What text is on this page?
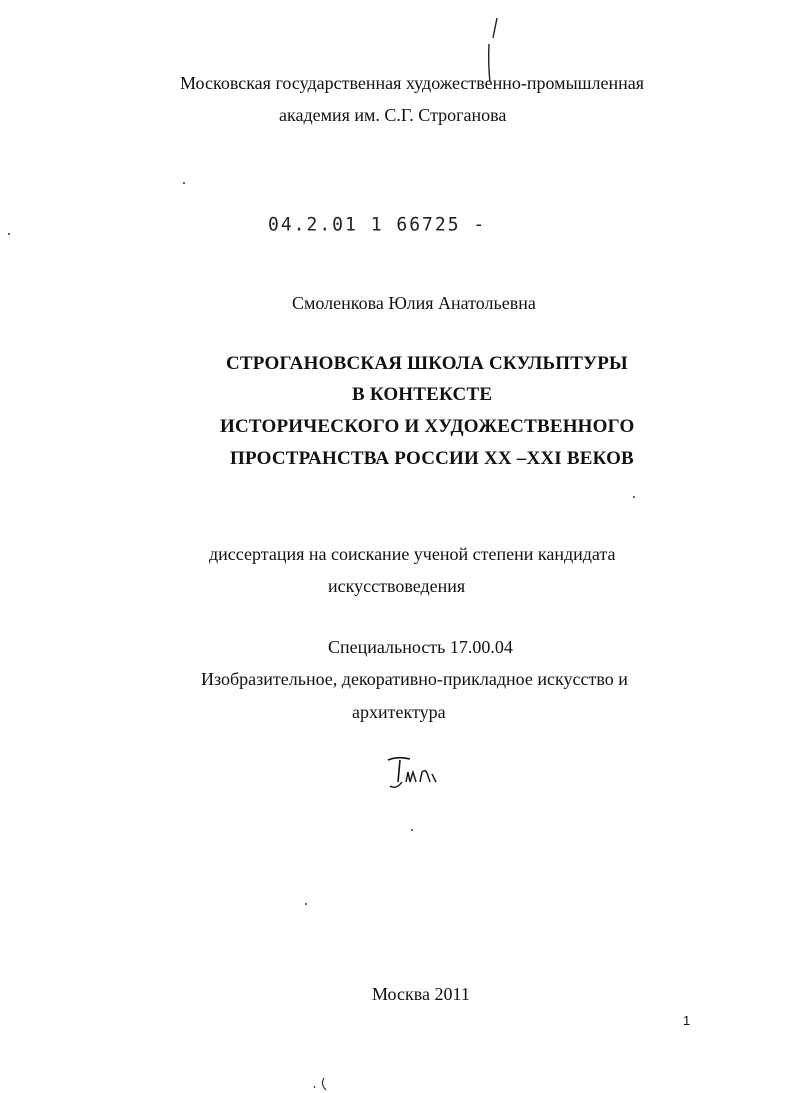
Московская государственная художественно-промышленная
академия им. С.Г. Строганова
04.2.01 1 66725 -
Смоленкова Юлия Анатольевна
СТРОГАНОВСКАЯ ШКОЛА СКУЛЬПТУРЫ
В КОНТЕКСТЕ
ИСТОРИЧЕСКОГО И ХУДОЖЕСТВЕННОГО
ПРОСТРАНСТВА РОССИИ XX –XXI ВЕКОВ
диссертация на соискание ученой степени кандидата
искусствоведения
Специальность 17.00.04
Изобразительное, декоративно-прикладное искусство и
архитектура
Москва 2011
1
